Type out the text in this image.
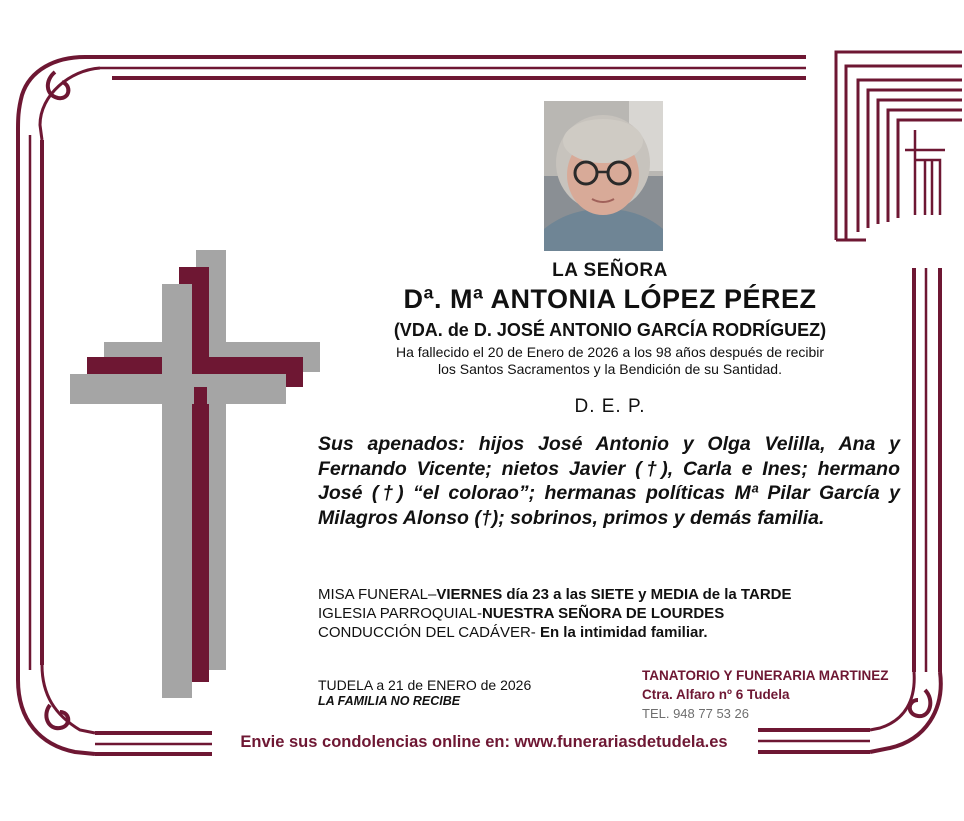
LA SEÑORA
Dª. Mª ANTONIA LÓPEZ PÉREZ
(VDA. de D. JOSÉ ANTONIO GARCÍA RODRÍGUEZ)
Ha fallecido el 20 de Enero de 2026 a los 98 años después de recibir
los Santos Sacramentos y la Bendición de su Santidad.
D. E. P.
Sus apenados: hijos José Antonio y Olga Velilla, Ana y Fernando Vicente; nietos Javier (†), Carla e Ines; hermano José (†) “el colorao”; hermanas políticas Mª Pilar García y Milagros Alonso (†); sobrinos, primos y demás familia.
MISA FUNERAL–VIERNES día 23 a las SIETE y MEDIA de la TARDE
IGLESIA PARROQUIAL-NUESTRA SEÑORA DE LOURDES
CONDUCCIÓN DEL CADÁVER- En la intimidad familiar.
TUDELA a 21 de ENERO de 2026
LA FAMILIA NO RECIBE
TANATORIO Y FUNERARIA MARTINEZ
Ctra. Alfaro nº 6 Tudela
TEL. 948 77 53 26
Envie sus condolencias online en: www.funerariasdetudela.es
